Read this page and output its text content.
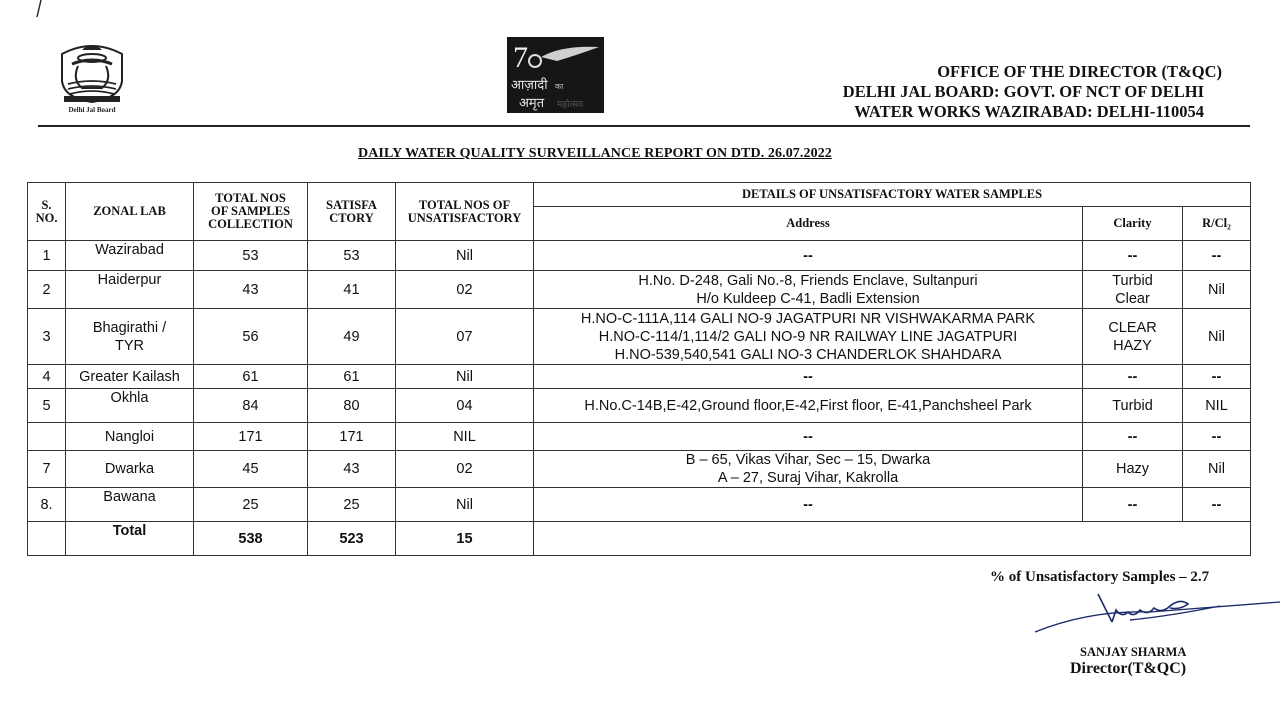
Delhi Jal Board
7
आज़ादी का
अमृत महोत्सव
OFFICE OF THE DIRECTOR (T&QC)
DELHI JAL BOARD: GOVT. OF NCT OF DELHI
WATER WORKS WAZIRABAD: DELHI-110054
DAILY WATER QUALITY SURVEILLANCE REPORT ON DTD. 26.07.2022
S.
NO.	ZONAL LAB	TOTAL NOS
OF SAMPLES
COLLECTION	SATISFA
CTORY	TOTAL NOS OF
UNSATISFACTORY	DETAILS OF UNSATISFACTORY WATER SAMPLES		
					Address	Clarity	R/Cl₂
1	Wazirabad	53	53	Nil	--	--	--
2	Haiderpur	43	41	02	H.No. D-248, Gali No.-8, Friends Enclave, Sultanpuri
H/o Kuldeep C-41, Badli Extension	Turbid
Clear	Nil
3	Bhagirathi /
TYR	56	49	07	H.NO-C-111A,114 GALI NO-9 JAGATPURI NR VISHWAKARMA PARK
H.NO-C-114/1,114/2 GALI NO-9 NR RAILWAY LINE JAGATPURI
H.NO-539,540,541 GALI NO-3 CHANDERLOK SHAHDARA	CLEAR
HAZY	Nil
4	Greater Kailash	61	61	Nil	--	--	--
5	Okhla	84	80	04	H.No.C-14B,E-42,Ground floor,E-42,First floor, E-41,Panchsheel Park	Turbid	NIL

	Nangloi	171	171	NIL	--	--	--
7	Dwarka	45	43	02	B – 65, Vikas Vihar, Sec – 15, Dwarka
A – 27, Suraj Vihar, Kakrolla	Hazy	Nil
8.	Bawana	25	25	Nil	--	--	--
	Total	538	523	15			
% of Unsatisfactory Samples – 2.7
SANJAY SHARMA
Director(T&QC)
